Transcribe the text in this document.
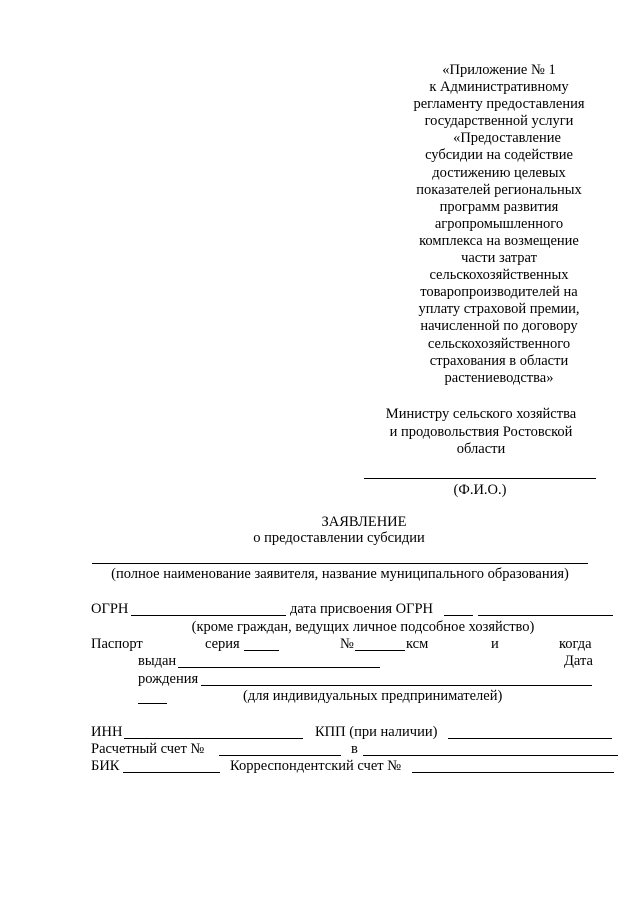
«Приложение № 1
к Административному
регламенту предоставления
государственной услуги
«Предоставление
субсидии на содействие
достижению целевых
показателей региональных
программ развития
агропромышленного
комплекса на возмещение
части затрат
сельскохозяйственных
товаропроизводителей на
уплату страховой премии,
начисленной по договору
сельскохозяйственного
страхования в области
растениеводства»
Министру сельского хозяйства
и продовольствия Ростовской
области
(Ф.И.О.)
ЗАЯВЛЕНИЕ
о предоставлении субсидии
(полное наименование заявителя, название муниципального образования)
ОГРН	дата присвоения ОГРН
(кроме граждан, ведущих личное подсобное хозяйство)
Паспорт	серия	№	ксм	и	когда
выдан	Дата
рождения
(для индивидуальных предпринимателей)
ИНН	КПП (при наличии)
Расчетный счет №	в
БИК	Корреспондентский счет №
